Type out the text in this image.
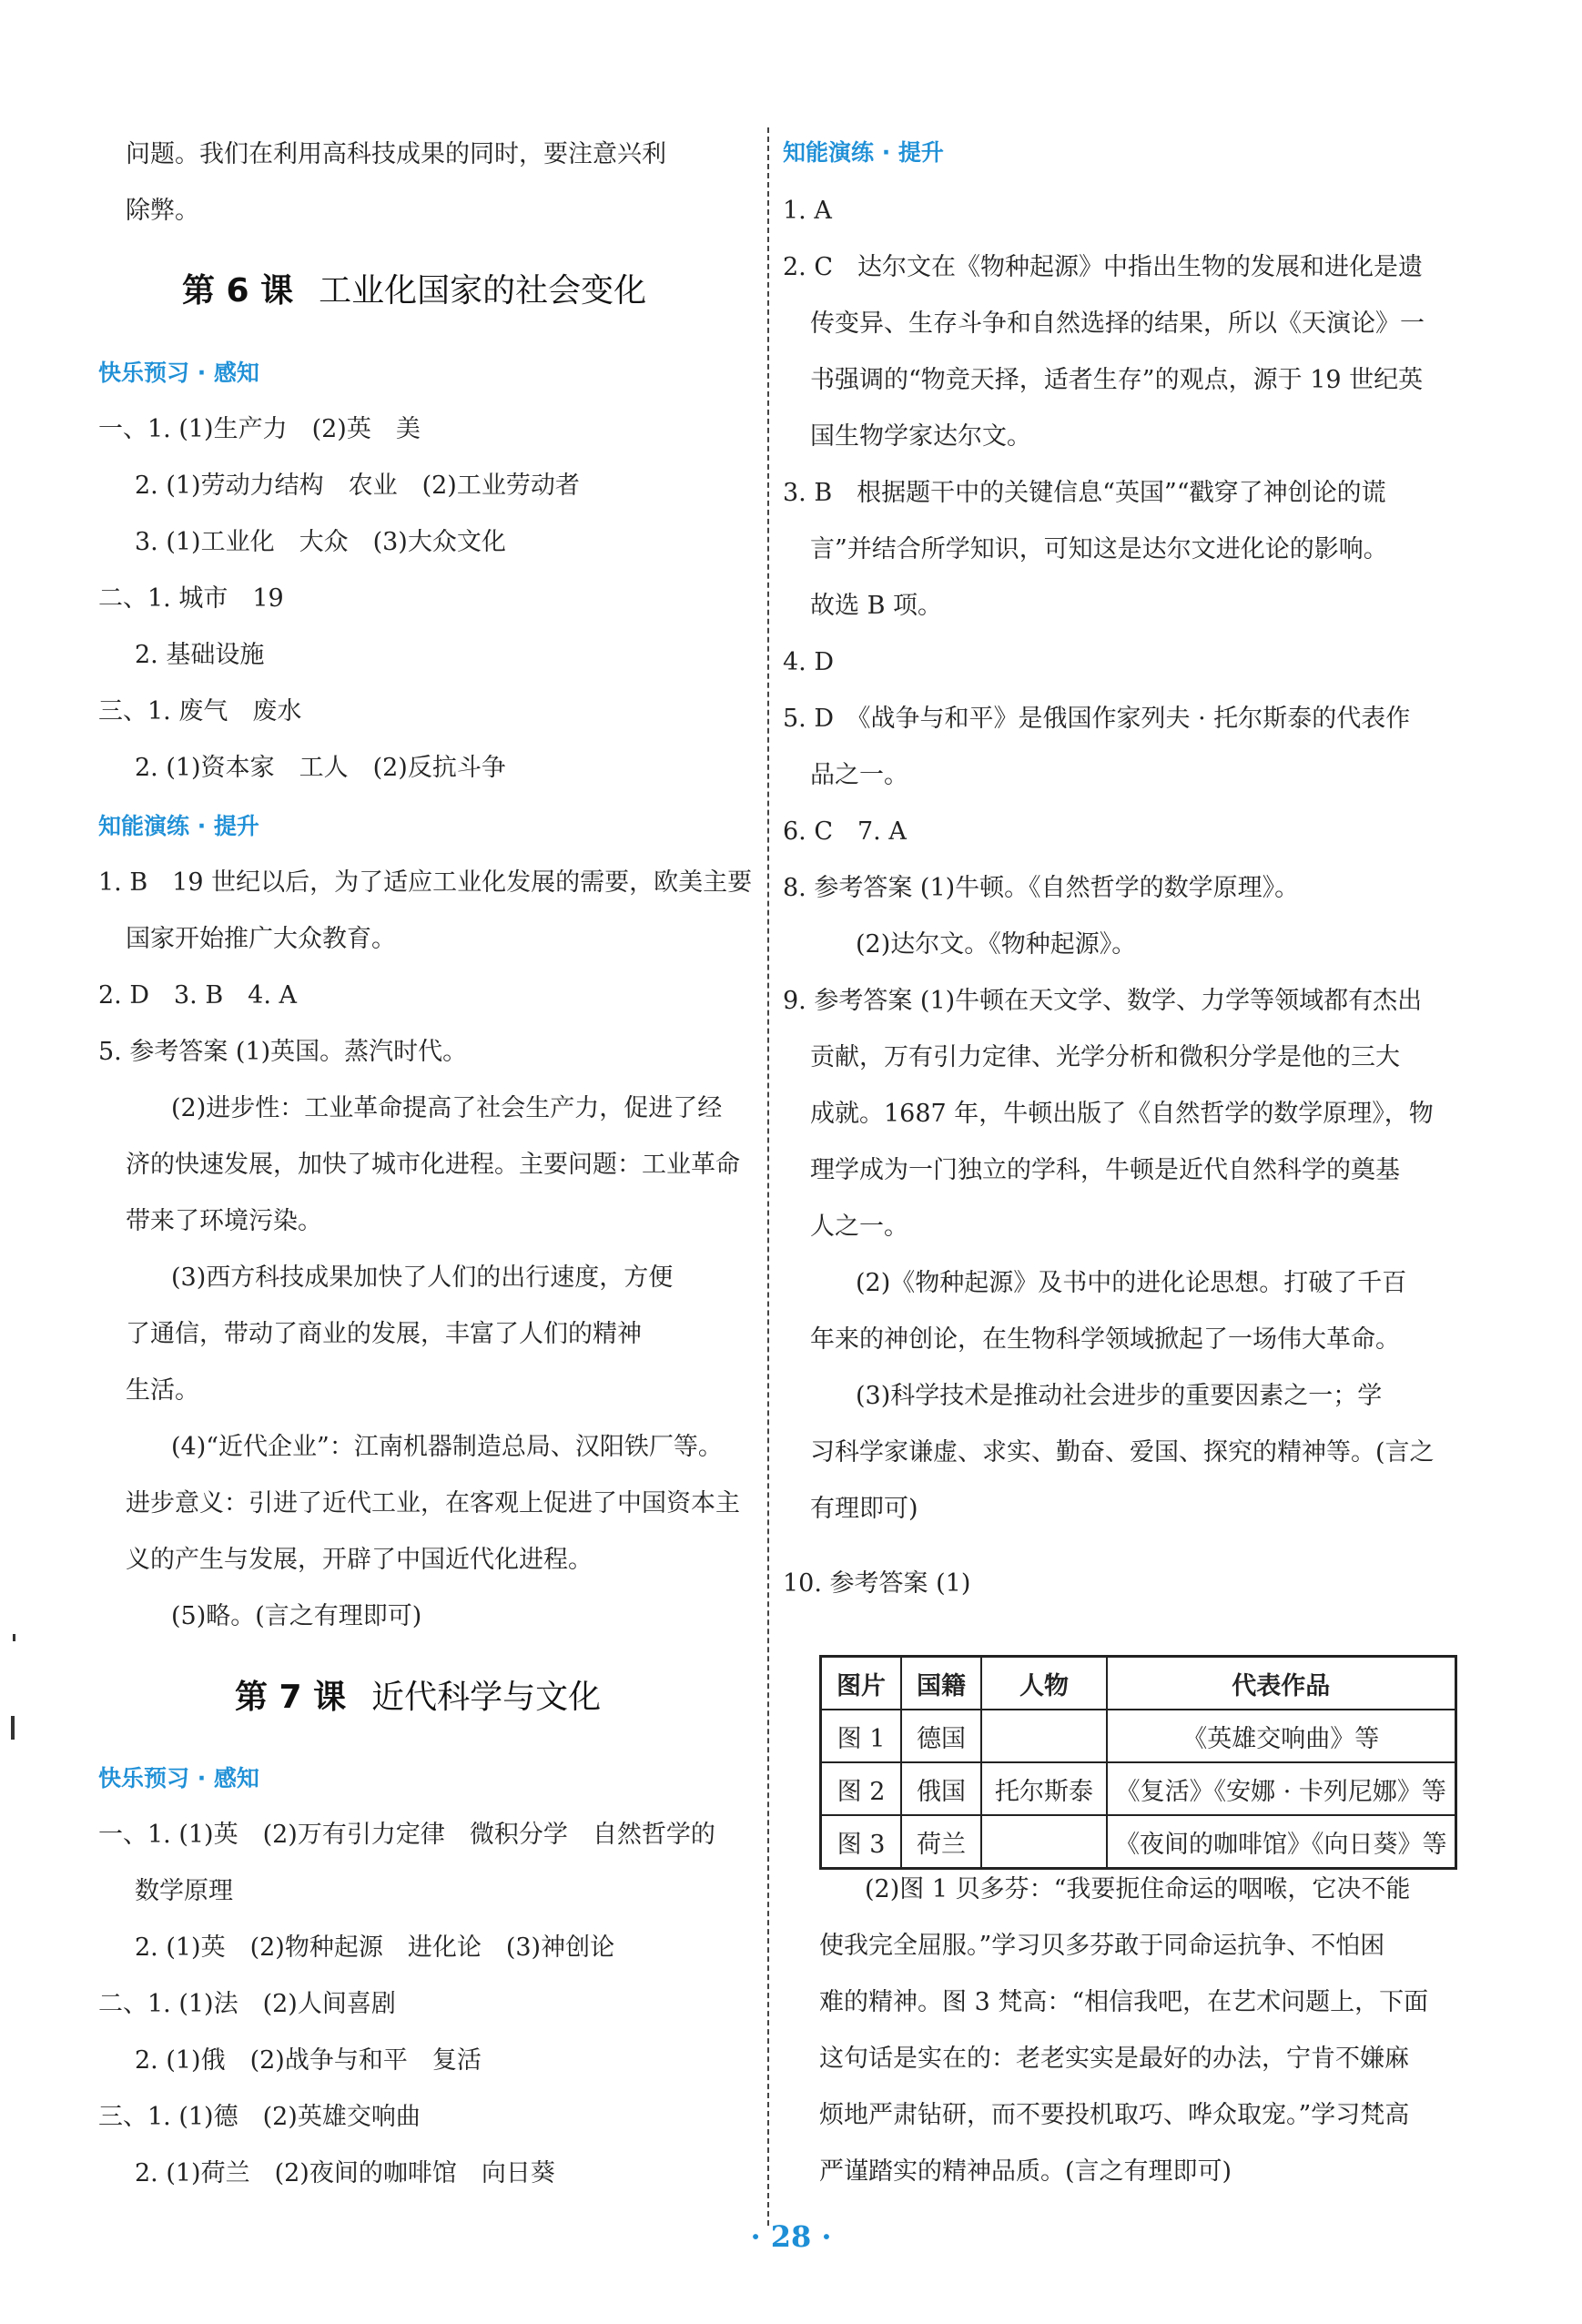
问题。我们在利用高科技成果的同时，要注意兴利
除弊。
第 6 课 工业化国家的社会变化
快乐预习 · 感知
一、1. (1)生产力　(2)英　美
2. (1)劳动力结构　农业　(2)工业劳动者
3. (1)工业化　大众　(3)大众文化
二、1. 城市　19
2. 基础设施
三、1. 废气　废水
2. (1)资本家　工人　(2)反抗斗争
知能演练 · 提升
1. B　19 世纪以后，为了适应工业化发展的需要，欧美主要
国家开始推广大众教育。
2. D　3. B　4. A
5. 参考答案 (1)英国。蒸汽时代。
(2)进步性：工业革命提高了社会生产力，促进了经
济的快速发展，加快了城市化进程。主要问题：工业革命
带来了环境污染。
(3)西方科技成果加快了人们的出行速度，方便
了通信，带动了商业的发展，丰富了人们的精神
生活。
(4)“近代企业”：江南机器制造总局、汉阳铁厂等。
进步意义：引进了近代工业，在客观上促进了中国资本主
义的产生与发展，开辟了中国近代化进程。
(5)略。(言之有理即可)
第 7 课 近代科学与文化
快乐预习 · 感知
一、1. (1)英　(2)万有引力定律　微积分学　自然哲学的
数学原理
2. (1)英　(2)物种起源　进化论　(3)神创论
二、1. (1)法　(2)人间喜剧
2. (1)俄　(2)战争与和平　复活
三、1. (1)德　(2)英雄交响曲
2. (1)荷兰　(2)夜间的咖啡馆　向日葵
知能演练 · 提升
1. A
2. C　达尔文在《物种起源》中指出生物的发展和进化是遗
传变异、生存斗争和自然选择的结果，所以《天演论》一
书强调的“物竞天择，适者生存”的观点，源于 19 世纪英
国生物学家达尔文。
3. B　根据题干中的关键信息“英国”“戳穿了神创论的谎
言”并结合所学知识，可知这是达尔文进化论的影响。
故选 B 项。
4. D
5. D　《战争与和平》是俄国作家列夫 · 托尔斯泰的代表作
品之一。
6. C　7. A
8. 参考答案 (1)牛顿。《自然哲学的数学原理》。
(2)达尔文。《物种起源》。
9. 参考答案 (1)牛顿在天文学、数学、力学等领域都有杰出
贡献，万有引力定律、光学分析和微积分学是他的三大
成就。1687 年，牛顿出版了《自然哲学的数学原理》，物
理学成为一门独立的学科，牛顿是近代自然科学的奠基
人之一。
(2)《物种起源》及书中的进化论思想。打破了千百
年来的神创论，在生物科学领域掀起了一场伟大革命。
(3)科学技术是推动社会进步的重要因素之一；学
习科学家谦虚、求实、勤奋、爱国、探究的精神等。(言之
有理即可)
10. 参考答案 (1)
图片	国籍	人物	代表作品
图 1	德国		《英雄交响曲》等
图 2	俄国	托尔斯泰	《复活》《安娜 · 卡列尼娜》等
图 3	荷兰		《夜间的咖啡馆》《向日葵》等
(2)图 1 贝多芬：“我要扼住命运的咽喉，它决不能
使我完全屈服。”学习贝多芬敢于同命运抗争、不怕困
难的精神。图 3 梵高：“相信我吧，在艺术问题上，下面
这句话是实在的：老老实实是最好的办法，宁肯不嫌麻
烦地严肃钻研，而不要投机取巧、哗众取宠。”学习梵高
严谨踏实的精神品质。(言之有理即可)
· 28 ·
